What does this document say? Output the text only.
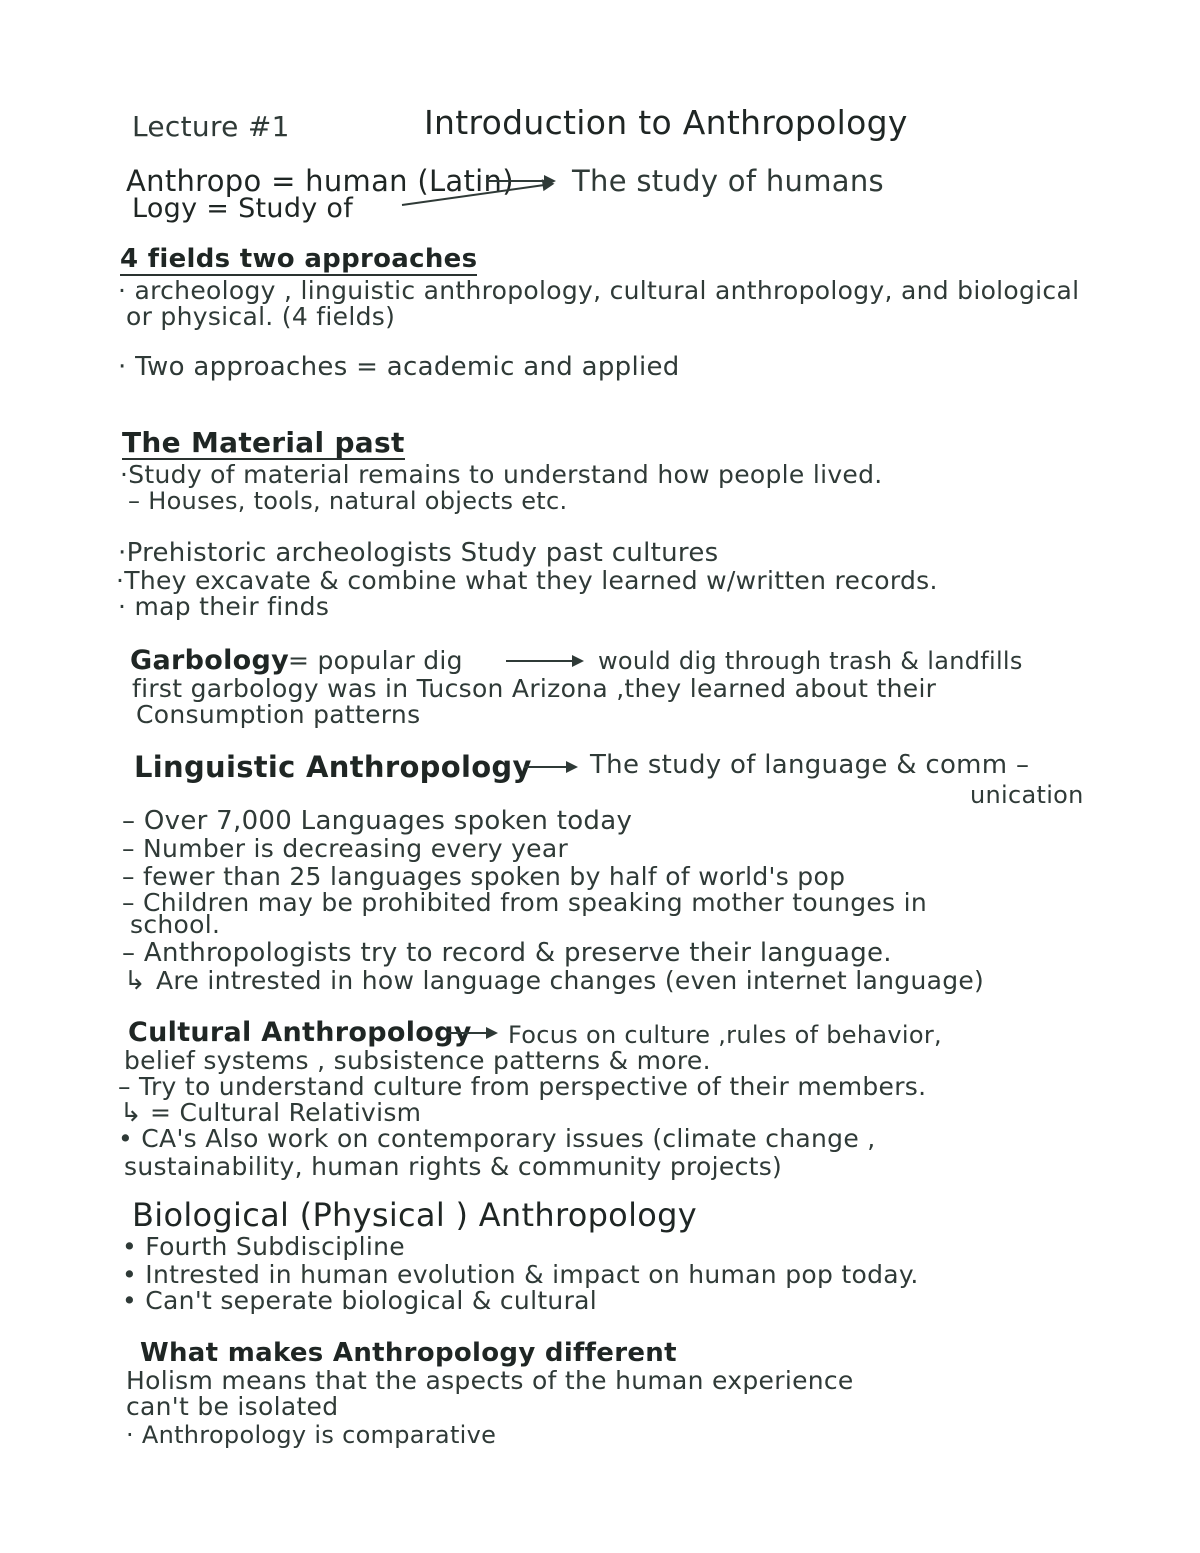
Lecture #1	Introduction to Anthropology
Anthropo = human (Latin) The study of humans
Logy = Study of
4 fields two approaches
· archeology , linguistic anthropology, cultural anthropology, and biological
or physical. (4 fields)
· Two approaches = academic and applied
The Material past
·Study of material remains to understand how people lived.
– Houses, tools, natural objects etc.
·Prehistoric archeologists Study past cultures
·They excavate & combine what they learned w/written records.
· map their finds
Garbology
= popular dig	would dig through trash & landfills
first garbology was in Tucson Arizona ,they learned about their
Consumption patterns
Linguistic Anthropology The study of language & comm –
unication
– Over 7,000 Languages spoken today
– Number is decreasing every year
– fewer than 25 languages spoken by half of world's pop
– Children may be prohibited from speaking mother tounges in
school.
– Anthropologists try to record & preserve their language.
↳ Are intrested in how language changes (even internet language)
Cultural Anthropology Focus on culture ,rules of behavior,
belief systems , subsistence patterns & more.
– Try to understand culture from perspective of their members.
↳ = Cultural Relativism
• CA's Also work on contemporary issues (climate change ,
sustainability, human rights & community projects)
Biological (Physical ) Anthropology
• Fourth Subdiscipline
• Intrested in human evolution & impact on human pop today.
• Can't seperate biological & cultural
What makes Anthropology different
Holism means that the aspects of the human experience
can't be isolated
· Anthropology is comparative
